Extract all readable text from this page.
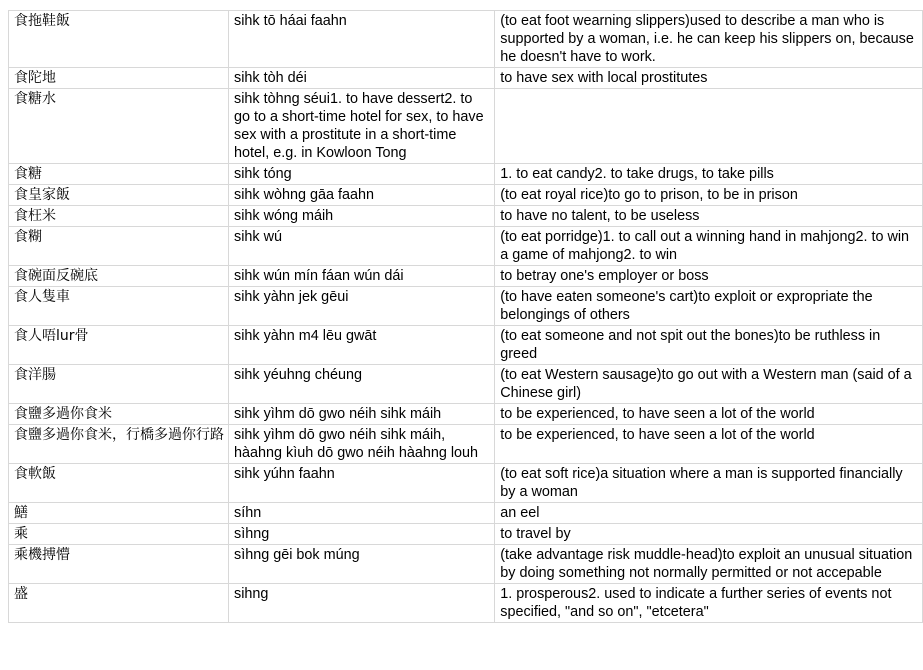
食拖鞋飯	sihk tō háai faahn	(to eat foot wearning slippers)used to describe a man who is supported by a woman, i.e. he can keep his slippers on, because he doesn't have to work.
食陀地	sihk tòh déi	to have sex with local prostitutes
食糖水	sihk tòhng séui1. to have dessert2. to go to a short-time hotel for sex, to have sex with a prostitute in a short-time hotel, e.g. in Kowloon Tong	
食糖	sihk tóng	1. to eat candy2. to take drugs, to take pills
食皇家飯	sihk wòhng gāa faahn	(to eat royal rice)to go to prison, to be in prison
食枉米	sihk wóng máih	to have no talent, to be useless
食糊	sihk wú	(to eat porridge)1. to call out a winning hand in mahjong2. to win a game of mahjong2. to win
食碗面反碗底	sihk wún mín fáan wún dái	to betray one's employer or boss
食人隻車	sihk yàhn jek gēui	(to have eaten someone's cart)to exploit or expropriate the belongings of others
食人唔lur骨	sihk yàhn m4 lēu gwāt	(to eat someone and not spit out the bones)to be ruthless in greed
食洋腸	sihk yéuhng chéung	(to eat Western sausage)to go out with a Western man (said of a Chinese girl)
食鹽多過你食米	sihk yìhm dō gwo néih sihk máih	to be experienced, to have seen a lot of the world
食鹽多過你食米，行橋多過你行路	sihk yìhm dō gwo néih sihk máih, hàahng kìuh dō gwo néih hàahng louh	to be experienced, to have seen a lot of the world
食軟飯	sihk yúhn faahn	(to eat soft rice)a situation where a man is supported financially by a woman
鱔	síhn	an eel
乘	sìhng	to travel by
乘機搏懵	sìhng gēi bok múng	(take advantage risk muddle-head)to exploit an unusual situation by doing something not normally permitted or not accepable
盛	sihng	1. prosperous2. used to indicate a further series of events not specified, "and so on", "etcetera"
